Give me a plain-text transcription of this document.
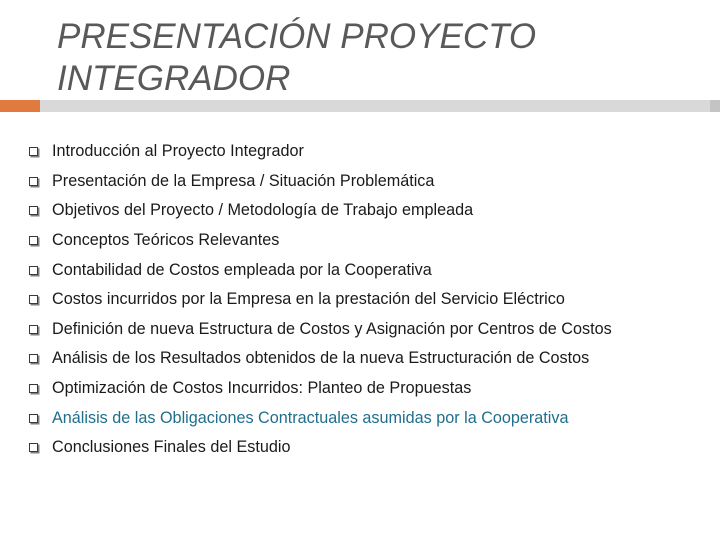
PRESENTACIÓN PROYECTO
INTEGRADOR
Introducción al Proyecto Integrador
Presentación de la Empresa / Situación Problemática
Objetivos del Proyecto / Metodología de Trabajo empleada
Conceptos Teóricos Relevantes
Contabilidad de Costos empleada por la Cooperativa
Costos incurridos por la Empresa en la prestación del Servicio Eléctrico
Definición de nueva Estructura de Costos y Asignación por Centros de Costos
Análisis de los Resultados obtenidos de la nueva Estructuración de Costos
Optimización de Costos Incurridos: Planteo de Propuestas
Análisis de las Obligaciones Contractuales asumidas por la Cooperativa
Conclusiones Finales del Estudio
